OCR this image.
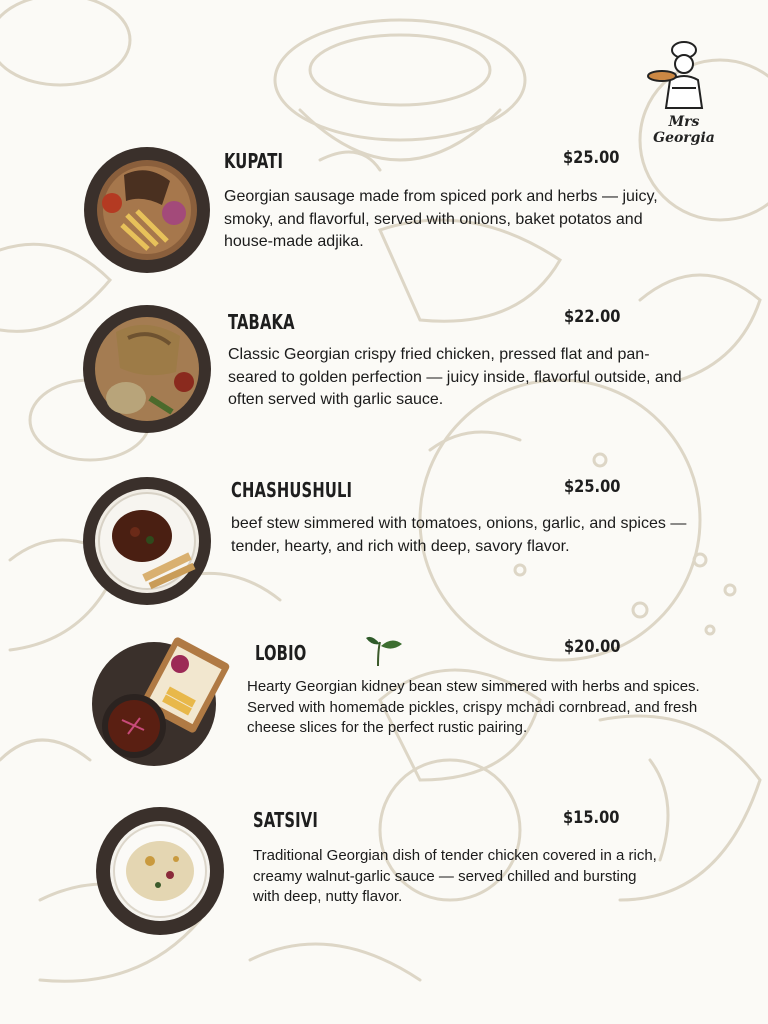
Mrs Georgia
KUPATI	$25.00
Georgian sausage made from spiced pork and herbs — juicy, smoky, and flavorful, served with onions, baket potatos and house-made adjika.
TABAKA	$22.00
Classic Georgian crispy fried chicken, pressed flat and pan-seared to golden perfection — juicy inside, flavorful outside, and often served with garlic sauce.
CHASHUSHULI	$25.00
beef stew simmered with tomatoes, onions, garlic, and spices — tender, hearty, and rich with deep, savory flavor.
LOBIO	$20.00
Hearty Georgian kidney bean stew simmered with herbs and spices. Served with homemade pickles, crispy mchadi cornbread, and fresh cheese slices for the perfect rustic pairing.
SATSIVI	$15.00
Traditional Georgian dish of tender chicken covered in a rich, creamy walnut-garlic sauce — served chilled and bursting with deep, nutty flavor.
